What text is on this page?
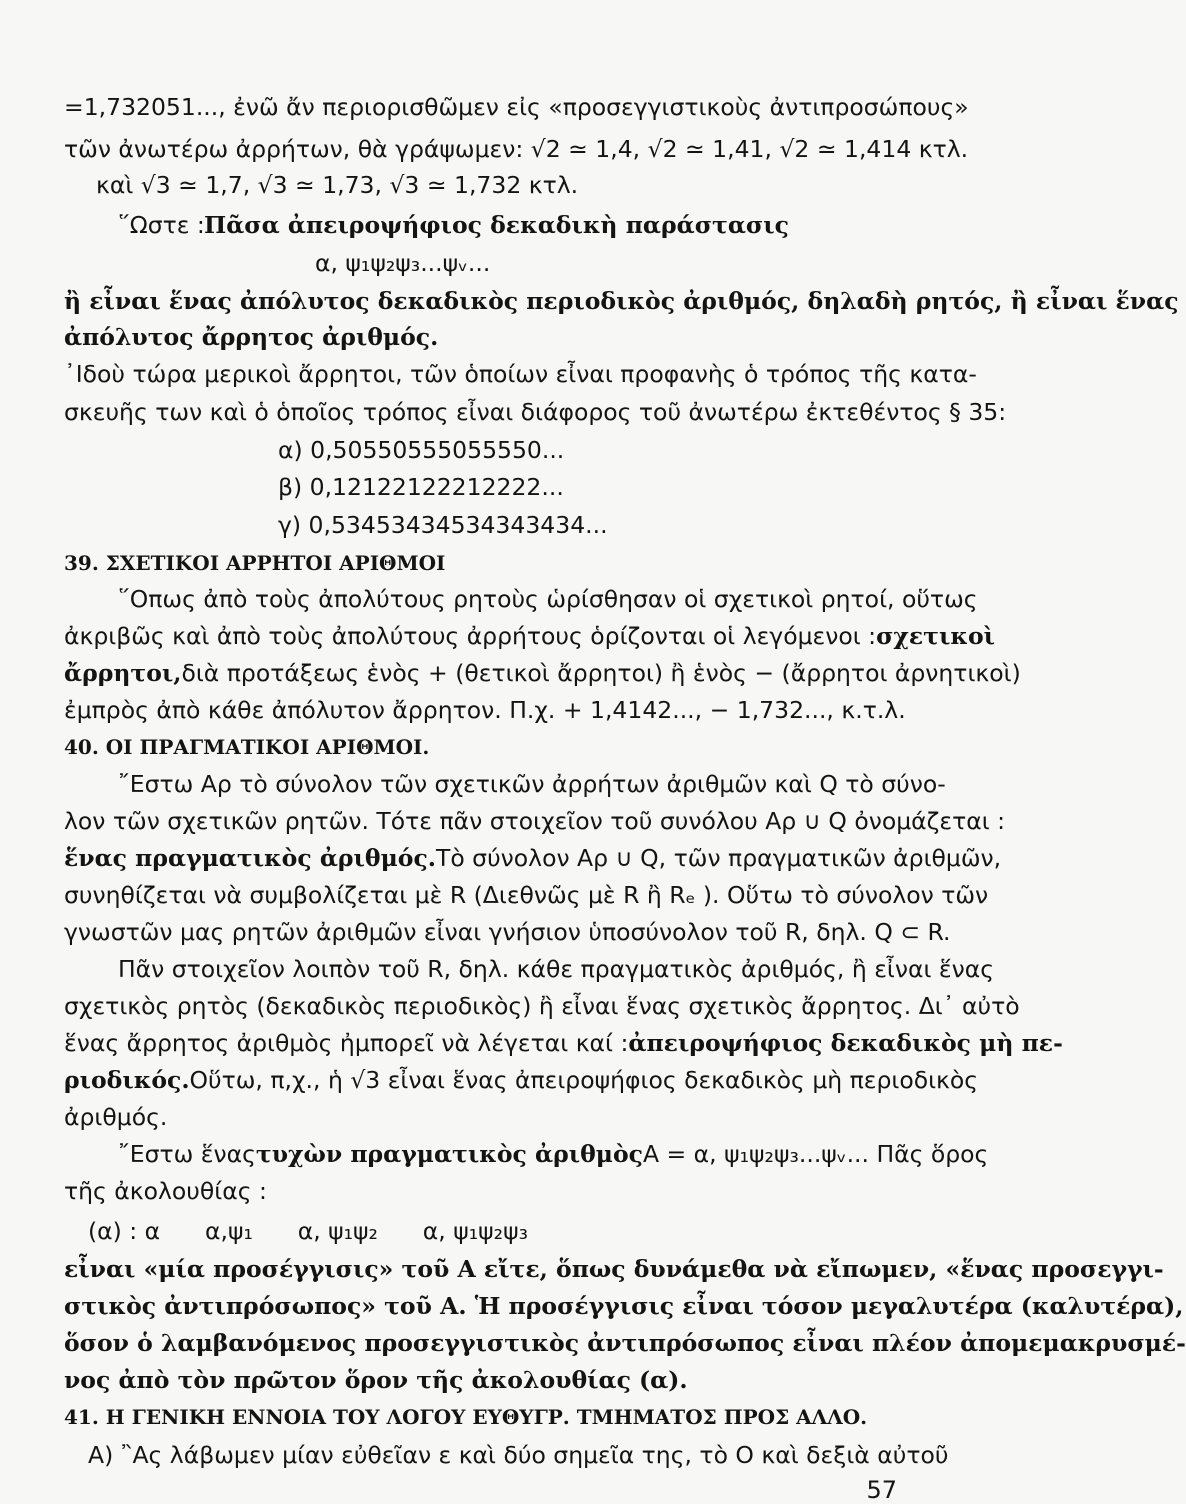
=1,732051..., ἐνῶ ἄν περιορισθῶμεν εἰς «προσεγγιστικοὺς ἀντιπροσώπους»
τῶν ἀνωτέρω ἀρρήτων, θὰ γράψωμεν: √2 ≃ 1,4, √2 ≃ 1,41, √2 ≃ 1,414 κτλ.
καὶ √3 ≃ 1,7, √3 ≃ 1,73, √3 ≃ 1,732 κτλ.
῞Ωστε : Πᾶσα ἀπειροψήφιος δεκαδικὴ παράστασις
α, ψ₁ψ₂ψ₃...ψᵥ...
ἢ εἶναι ἕνας ἀπόλυτος δεκαδικὸς περιοδικὸς ἀριθμός, δηλαδὴ ρητός, ἢ εἶναι ἕνας
ἀπόλυτος ἄρρητος ἀριθμός.
᾿Ιδοὺ τώρα μερικοὶ ἄρρητοι, τῶν ὁποίων εἶναι προφανὴς ὁ τρόπος τῆς κατα-
σκευῆς των καὶ ὁ ὁποῖος τρόπος εἶναι διάφορος τοῦ ἀνωτέρω ἐκτεθέντος § 35:
α) 0,50550555055550...
β) 0,12122122212222...
γ) 0,53453434534343434...
39. ΣΧΕΤΙΚΟΙ ΑΡΡΗΤΟΙ ΑΡΙΘΜΟΙ
῞Οπως ἀπὸ τοὺς ἀπολύτους ρητοὺς ὡρίσθησαν οἱ σχετικοὶ ρητοί, οὕτως
ἀκριβῶς καὶ ἀπὸ τοὺς ἀπολύτους ἀρρήτους ὁρίζονται οἱ λεγόμενοι : σχετικοὶ
ἄρρητοι, διὰ προτάξεως ἑνὸς + (θετικοὶ ἄρρητοι) ἢ ἑνὸς − (ἄρρητοι ἀρνητικοὶ)
ἐμπρὸς ἀπὸ κάθε ἀπόλυτον ἄρρητον. Π.χ. + 1,4142..., − 1,732..., κ.τ.λ.
40. ΟΙ ΠΡΑΓΜΑΤΙΚΟΙ ΑΡΙΘΜΟΙ.
῎Εστω Aρ τὸ σύνολον τῶν σχετικῶν ἀρρήτων ἀριθμῶν καὶ Q τὸ σύνο-
λον τῶν σχετικῶν ρητῶν. Τότε πᾶν στοιχεῖον τοῦ συνόλου Aρ ∪ Q ὀνομάζεται :
ἕνας πραγματικὸς ἀριθμός. Τὸ σύνολον Aρ ∪ Q, τῶν πραγματικῶν ἀριθμῶν,
συνηθίζεται νὰ συμβολίζεται μὲ R (Διεθνῶς μὲ R ἢ Rₑ ). Οὕτω τὸ σύνολον τῶν
γνωστῶν μας ρητῶν ἀριθμῶν εἶναι γνήσιον ὑποσύνολον τοῦ R, δηλ. Q ⊂ R.
Πᾶν στοιχεῖον λοιπὸν τοῦ R, δηλ. κάθε πραγματικὸς ἀριθμός, ἢ εἶναι ἕνας
σχετικὸς ρητὸς (δεκαδικὸς περιοδικὸς) ἢ εἶναι ἕνας σχετικὸς ἄρρητος. Δι᾿ αὐτὸ
ἕνας ἄρρητος ἀριθμὸς ἠμπορεῖ νὰ λέγεται καί : ἀπειροψήφιος δεκαδικὸς μὴ πε-
ριοδικός. Οὕτω, π,χ., ἡ √3 εἶναι ἕνας ἀπειροψήφιος δεκαδικὸς μὴ περιοδικὸς
ἀριθμός.
῎Εστω ἕνας τυχὼν πραγματικὸς ἀριθμὸς A = α, ψ₁ψ₂ψ₃...ψᵥ... Πᾶς ὅρος
τῆς ἀκολουθίας :
(α) : α      α,ψ₁      α, ψ₁ψ₂      α, ψ₁ψ₂ψ₃
εἶναι «μία προσέγγισις» τοῦ A εἴτε, ὅπως δυνάμεθα νὰ εἴπωμεν, «ἕνας προσεγγι-
στικὸς ἀντιπρόσωπος» τοῦ A. Ἡ προσέγγισις εἶναι τόσον μεγαλυτέρα (καλυτέρα),
ὅσον ὁ λαμβανόμενος προσεγγιστικὸς ἀντιπρόσωπος εἶναι πλέον ἀπομεμακρυσμέ-
νος ἀπὸ τὸν πρῶτον ὅρον τῆς ἀκολουθίας (α).
41. Η ΓΕΝΙΚΗ ΕΝΝΟΙΑ ΤΟΥ ΛΟΓΟΥ ΕΥΘΥΓΡ. ΤΜΗΜΑΤΟΣ ΠΡΟΣ ΑΛΛΟ.
A) ῍Ας λάβωμεν μίαν εὐθεῖαν ε καὶ δύο σημεῖα της, τὸ O καὶ δεξιὰ αὐτοῦ
57
